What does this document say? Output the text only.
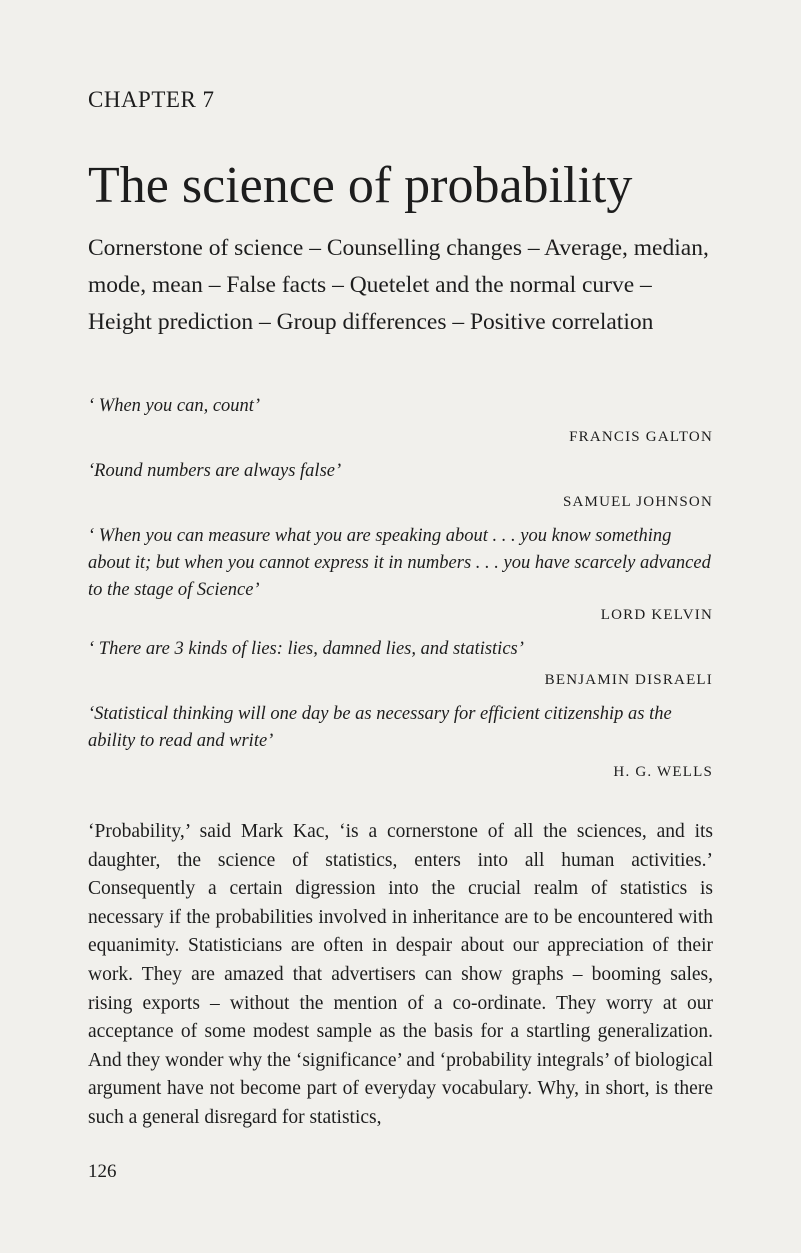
CHAPTER 7
The science of probability

Cornerstone of science – Counselling changes – Average, median, mode, mean – False facts – Quetelet and the normal curve – Height prediction – Group differences – Positive correlation

‘ When you can, count’
FRANCIS GALTON
‘Round numbers are always false’
SAMUEL JOHNSON
‘ When you can measure what you are speaking about . . . you know something about it; but when you cannot express it in numbers . . . you have scarcely advanced to the stage of Science’
LORD KELVIN
‘ There are 3 kinds of lies: lies, damned lies, and statistics’
BENJAMIN DISRAELI
‘Statistical thinking will one day be as necessary for efficient citizenship as the ability to read and write’
H. G. WELLS

‘Probability,’ said Mark Kac, ‘is a cornerstone of all the sciences, and its daughter, the science of statistics, enters into all human activities.’ Consequently a certain digression into the crucial realm of statistics is necessary if the probabilities involved in inheritance are to be encountered with equanimity. Statisticians are often in despair about our appreciation of their work. They are amazed that advertisers can show graphs – booming sales, rising exports – without the mention of a co-ordinate. They worry at our acceptance of some modest sample as the basis for a startling generalization. And they wonder why the ‘significance’ and ‘probability integrals’ of biological argument have not become part of everyday vocabulary. Why, in short, is there such a general disregard for statistics,

126
